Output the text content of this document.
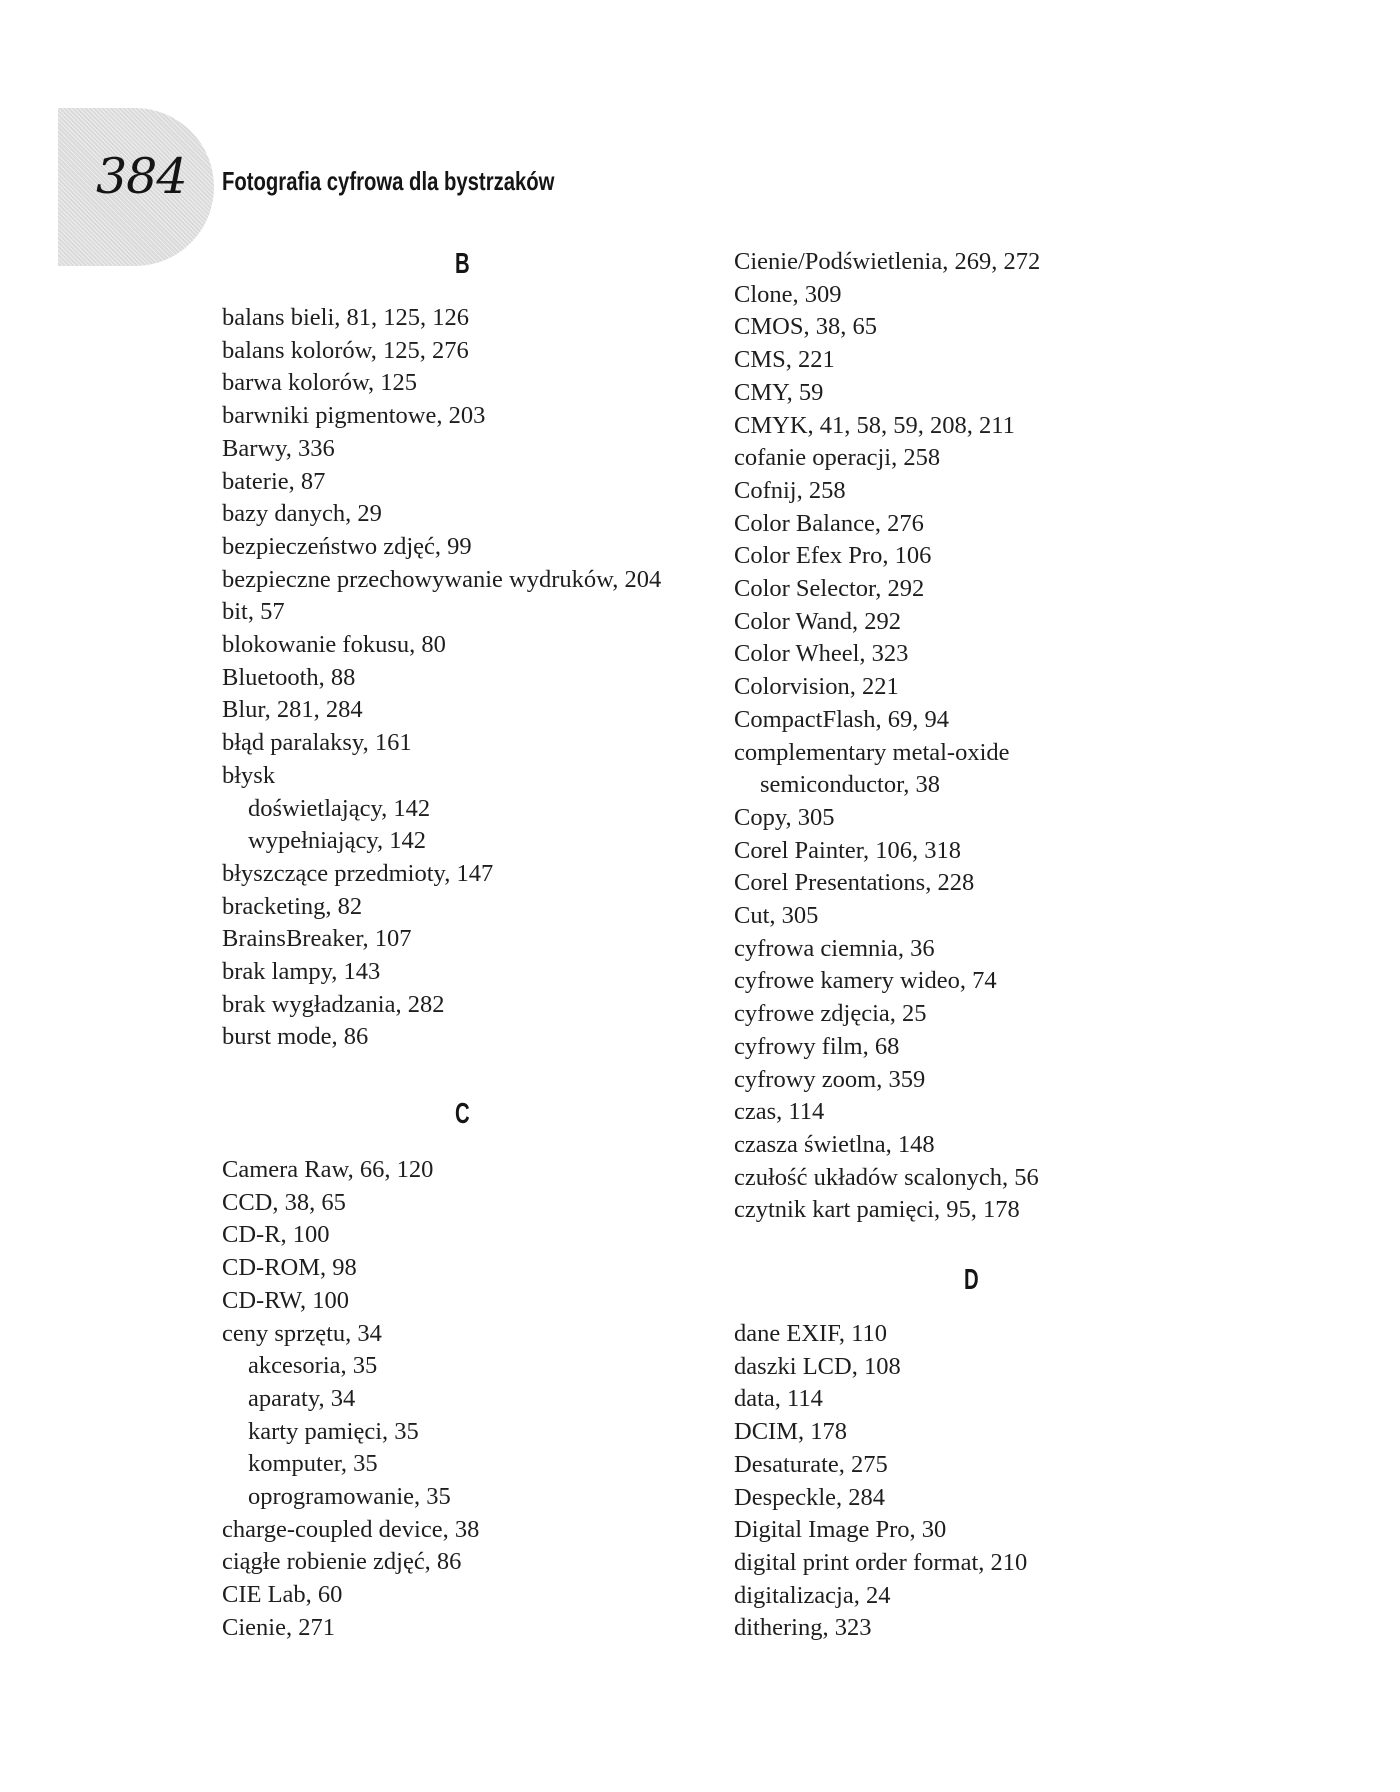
384 Fotografia cyfrowa dla bystrzaków
B
balans bieli, 81, 125, 126
balans kolorów, 125, 276
barwa kolorów, 125
barwniki pigmentowe, 203
Barwy, 336
baterie, 87
bazy danych, 29
bezpieczeństwo zdjęć, 99
bezpieczne przechowywanie wydruków, 204
bit, 57
blokowanie fokusu, 80
Bluetooth, 88
Blur, 281, 284
błąd paralaksy, 161
błysk
doświetlający, 142
wypełniający, 142
błyszczące przedmioty, 147
bracketing, 82
BrainsBreaker, 107
brak lampy, 143
brak wygładzania, 282
burst mode, 86
C
Camera Raw, 66, 120
CCD, 38, 65
CD-R, 100
CD-ROM, 98
CD-RW, 100
ceny sprzętu, 34
akcesoria, 35
aparaty, 34
karty pamięci, 35
komputer, 35
oprogramowanie, 35
charge-coupled device, 38
ciągłe robienie zdjęć, 86
CIE Lab, 60
Cienie, 271
Cienie/Podświetlenia, 269, 272
Clone, 309
CMOS, 38, 65
CMS, 221
CMY, 59
CMYK, 41, 58, 59, 208, 211
cofanie operacji, 258
Cofnij, 258
Color Balance, 276
Color Efex Pro, 106
Color Selector, 292
Color Wand, 292
Color Wheel, 323
Colorvision, 221
CompactFlash, 69, 94
complementary metal-oxide
semiconductor, 38
Copy, 305
Corel Painter, 106, 318
Corel Presentations, 228
Cut, 305
cyfrowa ciemnia, 36
cyfrowe kamery wideo, 74
cyfrowe zdjęcia, 25
cyfrowy film, 68
cyfrowy zoom, 359
czas, 114
czasza świetlna, 148
czułość układów scalonych, 56
czytnik kart pamięci, 95, 178
D
dane EXIF, 110
daszki LCD, 108
data, 114
DCIM, 178
Desaturate, 275
Despeckle, 284
Digital Image Pro, 30
digital print order format, 210
digitalizacja, 24
dithering, 323
